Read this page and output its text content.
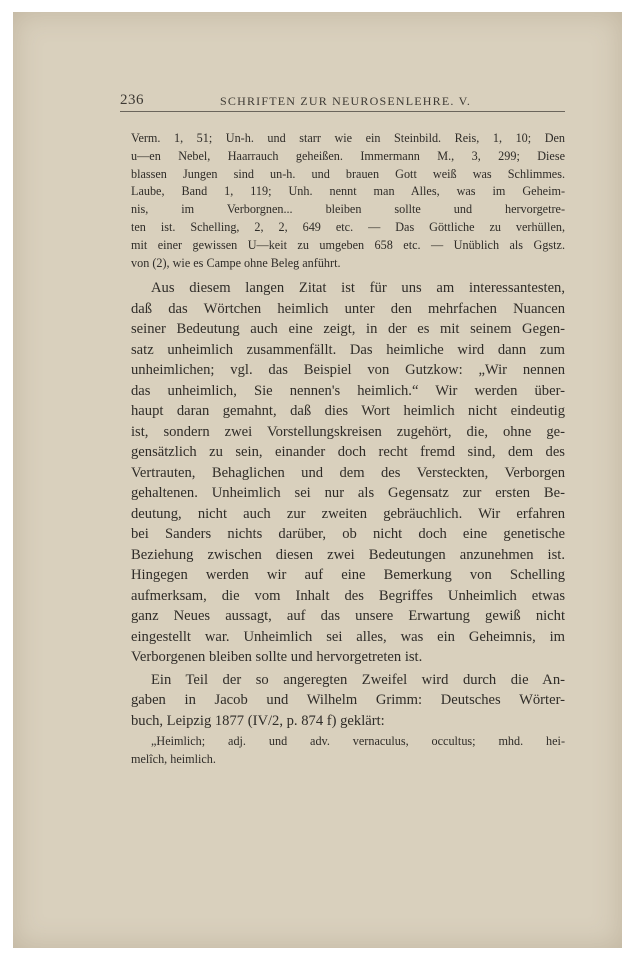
236	SCHRIFTEN ZUR NEUROSENLEHRE. V.
Verm. 1, 51; Un-h. und starr wie ein Steinbild. Reis, 1, 10; Den
u—en Nebel, Haarrauch geheißen. Immermann M., 3, 299; Diese
blassen Jungen sind un-h. und brauen Gott weiß was Schlimmes.
Laube, Band 1, 119; Unh. nennt man Alles, was im Geheim-
nis, im Verborgnen... bleiben sollte und hervorgetre-
ten ist. Schelling, 2, 2, 649 etc. — Das Göttliche zu verhüllen,
mit einer gewissen U—keit zu umgeben 658 etc. — Unüblich als Ggstz.
von (2), wie es Campe ohne Beleg anführt.
Aus diesem langen Zitat ist für uns am interessantesten,
daß das Wörtchen heimlich unter den mehrfachen Nuancen
seiner Bedeutung auch eine zeigt, in der es mit seinem Gegen-
satz unheimlich zusammenfällt. Das heimliche wird dann zum
unheimlichen; vgl. das Beispiel von Gutzkow: „Wir nennen
das unheimlich, Sie nennen's heimlich.“ Wir werden über-
haupt daran gemahnt, daß dies Wort heimlich nicht eindeutig
ist, sondern zwei Vorstellungskreisen zugehört, die, ohne ge-
gensätzlich zu sein, einander doch recht fremd sind, dem des
Vertrauten, Behaglichen und dem des Versteckten, Verborgen
gehaltenen. Unheimlich sei nur als Gegensatz zur ersten Be-
deutung, nicht auch zur zweiten gebräuchlich. Wir erfahren
bei Sanders nichts darüber, ob nicht doch eine genetische
Beziehung zwischen diesen zwei Bedeutungen anzunehmen ist.
Hingegen werden wir auf eine Bemerkung von Schelling
aufmerksam, die vom Inhalt des Begriffes Unheimlich etwas
ganz Neues aussagt, auf das unsere Erwartung gewiß nicht
eingestellt war. Unheimlich sei alles, was ein Geheimnis, im
Verborgenen bleiben sollte und hervorgetreten ist.
Ein Teil der so angeregten Zweifel wird durch die An-
gaben in Jacob und Wilhelm Grimm: Deutsches Wörter-
buch, Leipzig 1877 (IV/2, p. 874 f) geklärt:
„Heimlich; adj. und adv. vernaculus, occultus; mhd. hei-
melîch, heimlich.
